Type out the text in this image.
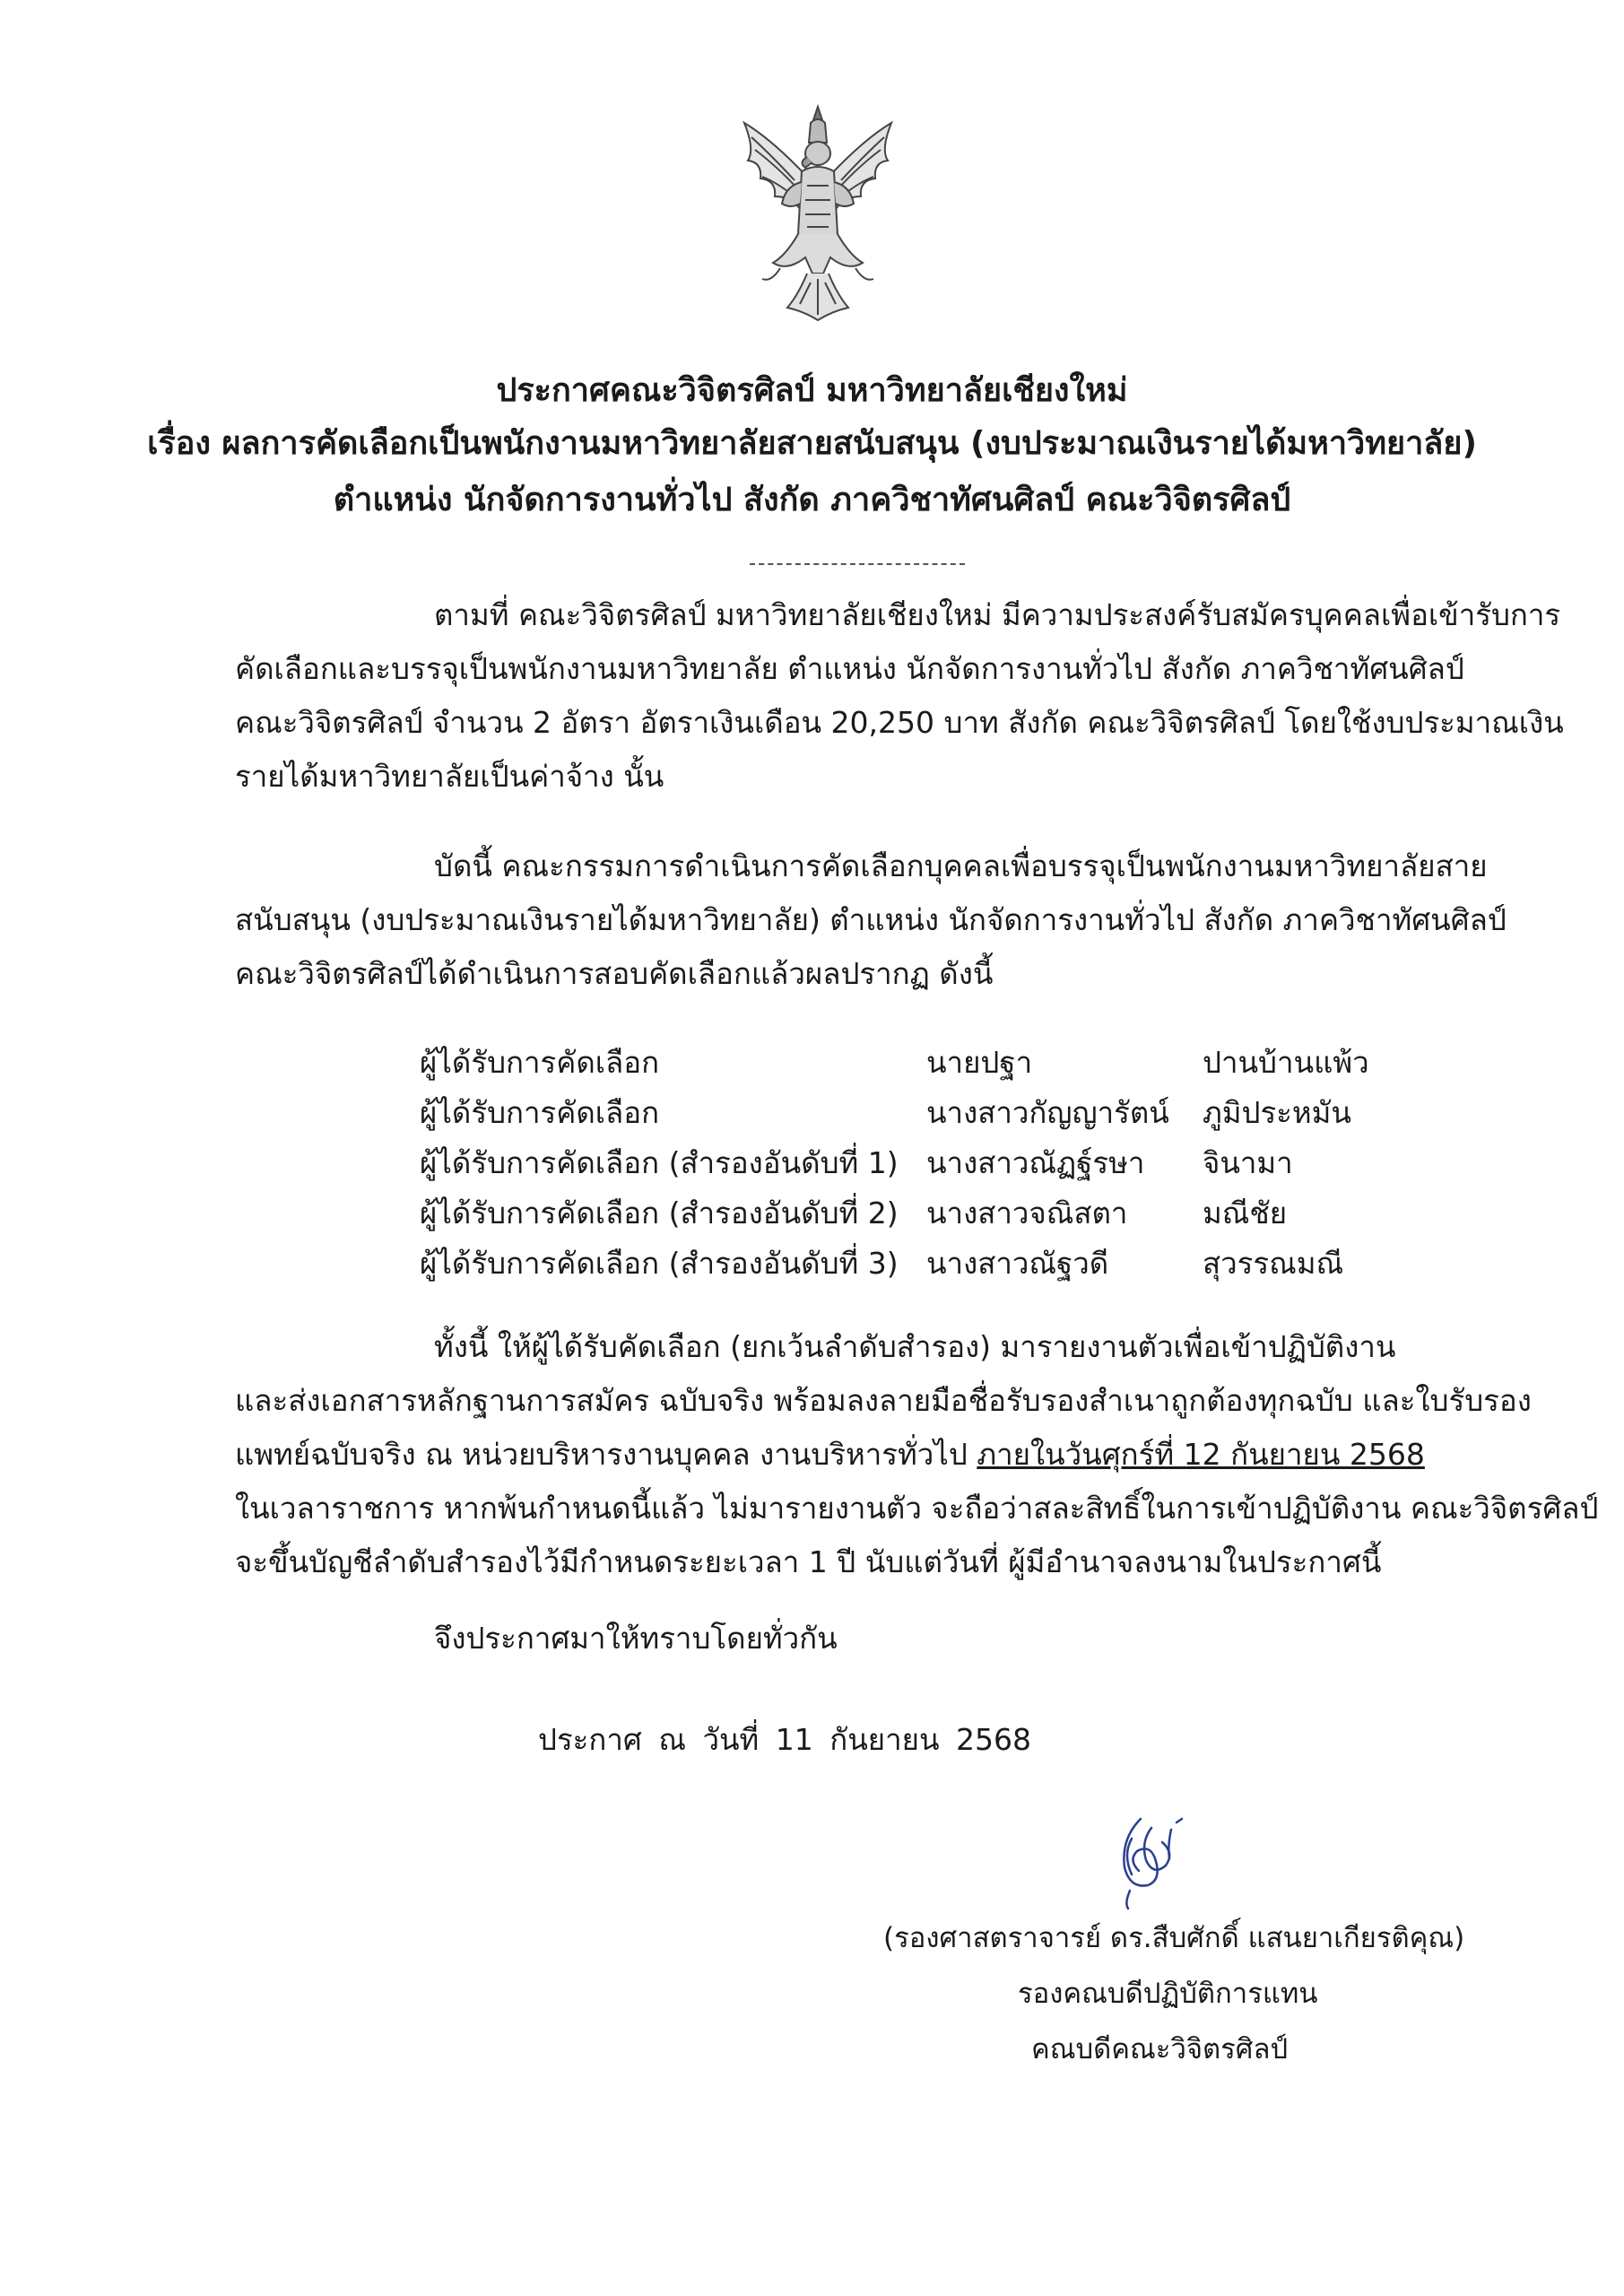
ประกาศคณะวิจิตรศิลป์ มหาวิทยาลัยเชียงใหม่
เรื่อง ผลการคัดเลือกเป็นพนักงานมหาวิทยาลัยสายสนับสนุน (งบประมาณเงินรายได้มหาวิทยาลัย)
ตำแหน่ง นักจัดการงานทั่วไป สังกัด ภาควิชาทัศนศิลป์ คณะวิจิตรศิลป์
ตามที่ คณะวิจิตรศิลป์ มหาวิทยาลัยเชียงใหม่ มีความประสงค์รับสมัครบุคคลเพื่อเข้ารับการ
คัดเลือกและบรรจุเป็นพนักงานมหาวิทยาลัย ตำแหน่ง นักจัดการงานทั่วไป สังกัด ภาควิชาทัศนศิลป์
คณะวิจิตรศิลป์ จำนวน 2 อัตรา อัตราเงินเดือน 20,250 บาท สังกัด คณะวิจิตรศิลป์ โดยใช้งบประมาณเงิน
รายได้มหาวิทยาลัยเป็นค่าจ้าง นั้น
บัดนี้ คณะกรรมการดำเนินการคัดเลือกบุคคลเพื่อบรรจุเป็นพนักงานมหาวิทยาลัยสาย
สนับสนุน (งบประมาณเงินรายได้มหาวิทยาลัย) ตำแหน่ง นักจัดการงานทั่วไป สังกัด ภาควิชาทัศนศิลป์
คณะวิจิตรศิลป์ได้ดำเนินการสอบคัดเลือกแล้วผลปรากฏ ดังนี้
ผู้ได้รับการคัดเลือก	นายปฐา	ปานบ้านแพ้ว
ผู้ได้รับการคัดเลือก	นางสาวกัญญารัตน์ ภูมิประหมัน
ผู้ได้รับการคัดเลือก (สำรองอันดับที่ 1) นางสาวณัฏฐ์รษา จินามา
ผู้ได้รับการคัดเลือก (สำรองอันดับที่ 2) นางสาวจณิสตา	มณีชัย
ผู้ได้รับการคัดเลือก (สำรองอันดับที่ 3) นางสาวณัฐวดี	สุวรรณมณี
ทั้งนี้ ให้ผู้ได้รับคัดเลือก (ยกเว้นลำดับสำรอง) มารายงานตัวเพื่อเข้าปฏิบัติงาน
และส่งเอกสารหลักฐานการสมัคร ฉบับจริง พร้อมลงลายมือชื่อรับรองสำเนาถูกต้องทุกฉบับ และใบรับรอง
แพทย์ฉบับจริง ณ หน่วยบริหารงานบุคคล งานบริหารทั่วไป ภายในวันศุกร์ที่ 12 กันยายน 2568
ในเวลาราชการ หากพ้นกำหนดนี้แล้ว ไม่มารายงานตัว จะถือว่าสละสิทธิ์ในการเข้าปฏิบัติงาน คณะวิจิตรศิลป์
จะขึ้นบัญชีลำดับสำรองไว้มีกำหนดระยะเวลา 1 ปี นับแต่วันที่ ผู้มีอำนาจลงนามในประกาศนี้
จึงประกาศมาให้ทราบโดยทั่วกัน
ประกาศ ณ วันที่ 11 กันยายน 2568
(รองศาสตราจารย์ ดร.สืบศักดิ์ แสนยาเกียรติคุณ)
รองคณบดีปฏิบัติการแทน
คณบดีคณะวิจิตรศิลป์
